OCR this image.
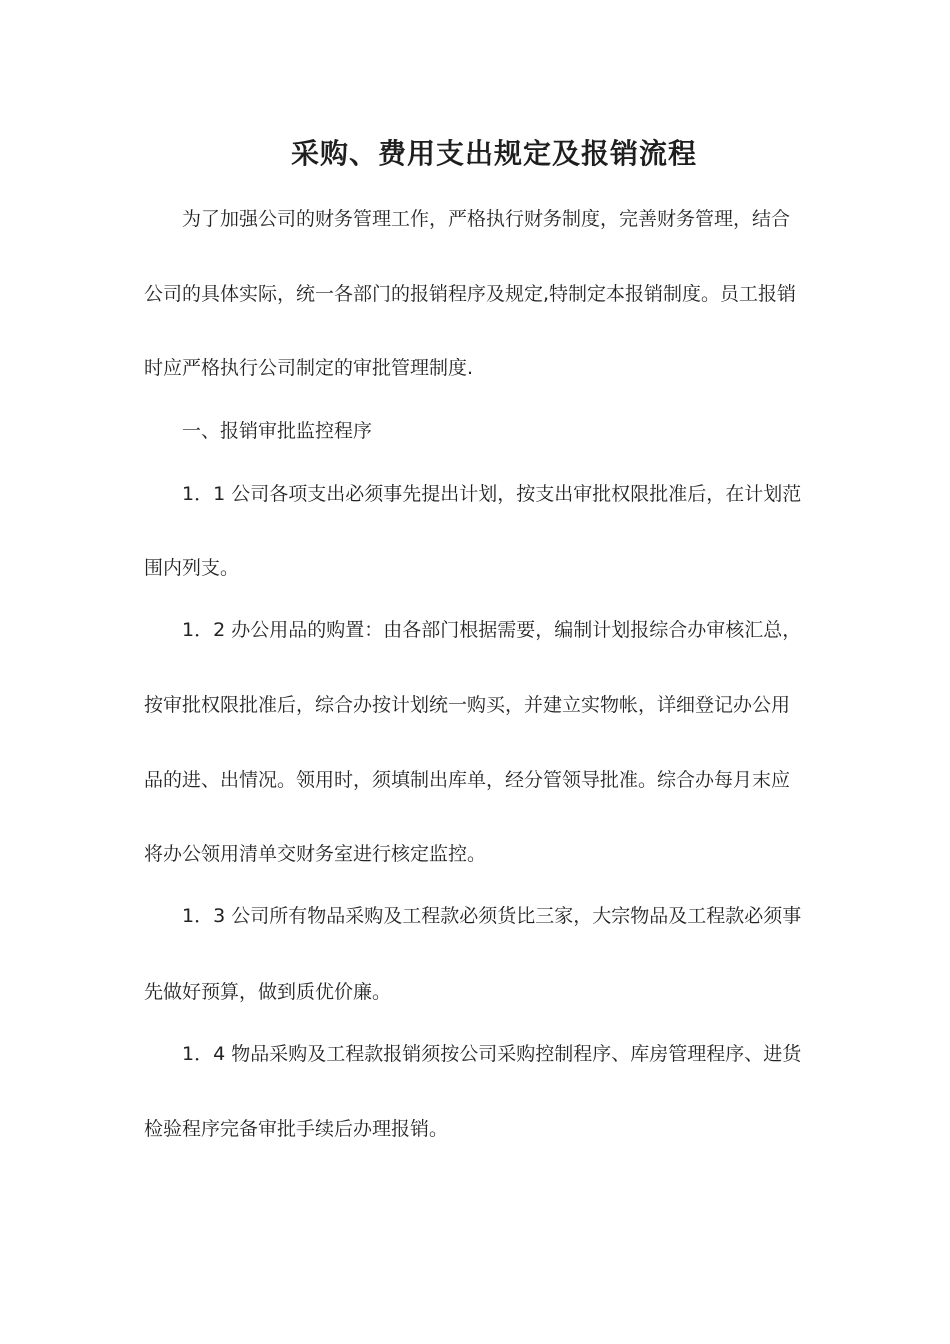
采购、费用支出规定及报销流程

为了加强公司的财务管理工作，严格执行财务制度，完善财务管理，结合

公司的具体实际，统一各部门的报销程序及规定,特制定本报销制度。员工报销

时应严格执行公司制定的审批管理制度.

一、报销审批监控程序

1．1 公司各项支出必须事先提出计划，按支出审批权限批准后，在计划范

围内列支。

1．2 办公用品的购置：由各部门根据需要，编制计划报综合办审核汇总，

按审批权限批准后，综合办按计划统一购买，并建立实物帐，详细登记办公用

品的进、出情况。领用时，须填制出库单，经分管领导批准。综合办每月末应

将办公领用清单交财务室进行核定监控。

1．3 公司所有物品采购及工程款必须货比三家，大宗物品及工程款必须事

先做好预算，做到质优价廉。

1．4 物品采购及工程款报销须按公司采购控制程序、库房管理程序、进货

检验程序完备审批手续后办理报销。
